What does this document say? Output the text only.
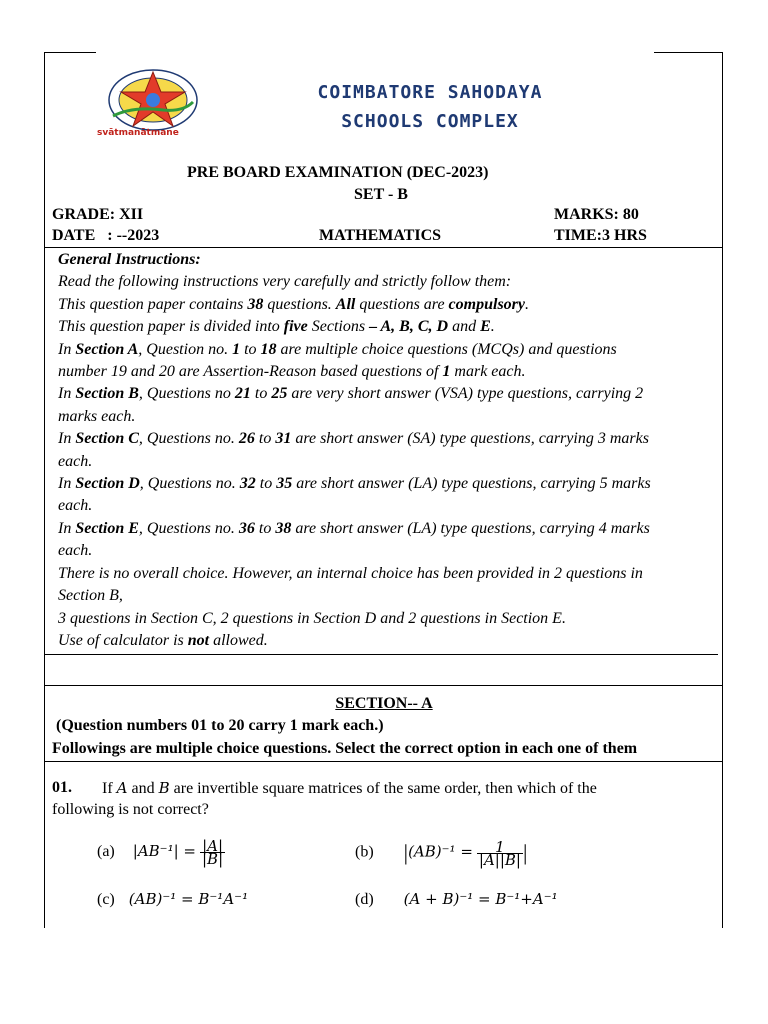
svātmanātmane
COIMBATORE SAHODAYA
SCHOOLS COMPLEX
PRE BOARD EXAMINATION (DEC-2023)
SET - B
GRADE: XII	MARKS: 80
DATE   : --2023	MATHEMATICS	TIME:3 HRS

General Instructions:

Read the following instructions very carefully and strictly follow them:

This question paper contains 38 questions. All questions are compulsory.

This question paper is divided into five Sections – A, B, C, D and E.

In Section A, Question no. 1 to 18 are multiple choice questions (MCQs) and questions

number 19 and 20 are Assertion-Reason based questions of 1 mark each.

In Section B, Questions no 21 to 25 are very short answer (VSA) type questions, carrying 2

marks each.

In Section C, Questions no. 26 to 31 are short answer (SA) type questions, carrying 3 marks

each.

In Section D, Questions no. 32 to 35 are short answer (LA) type questions, carrying 5 marks

each.

In Section E, Questions no. 36 to 38 are short answer (LA) type questions, carrying 4 marks

each.

There is no overall choice. However, an internal choice has been provided in 2 questions in

Section B,

3 questions in Section C, 2 questions in Section D and 2 questions in Section E.

Use of calculator is not allowed.

SECTION-- A
(Question numbers 01 to 20 carry 1 mark each.)
Followings are multiple choice questions. Select the correct option in each one of them
01. If A and B are invertible square matrices of the same order, then which of the
following is not correct?
(a) $|AB^{-1}| = \frac{|A|}{|B|}$	(b) $|(AB)^{-1} = \frac{1}{|A||B|}$ |
(c) (AB)⁻¹ = B⁻¹A⁻¹	(d) (A + B)⁻¹ = B⁻¹+A⁻¹
